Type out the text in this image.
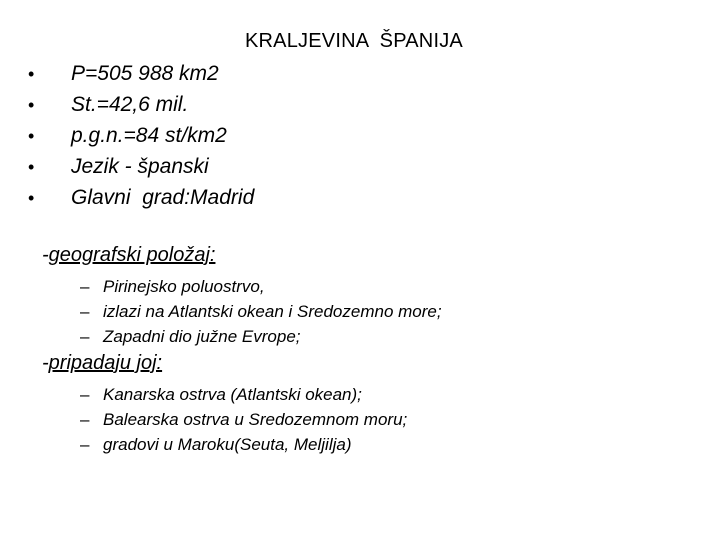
KRALJEVINA  ŠPANIJA
• P=505 988 km2
• St.=42,6 mil.
• p.g.n.=84 st/km2
• Jezik - španski
• Glavni  grad:Madrid
-geografski položaj:
– Pirinejsko poluostrvo,
– izlazi na Atlantski okean i Sredozemno more;
– Zapadni dio južne Evrope;
-pripadaju joj:
– Kanarska ostrva (Atlantski okean);
– Balearska ostrva u Sredozemnom moru;
– gradovi u Maroku(Seuta, Meljilja)
